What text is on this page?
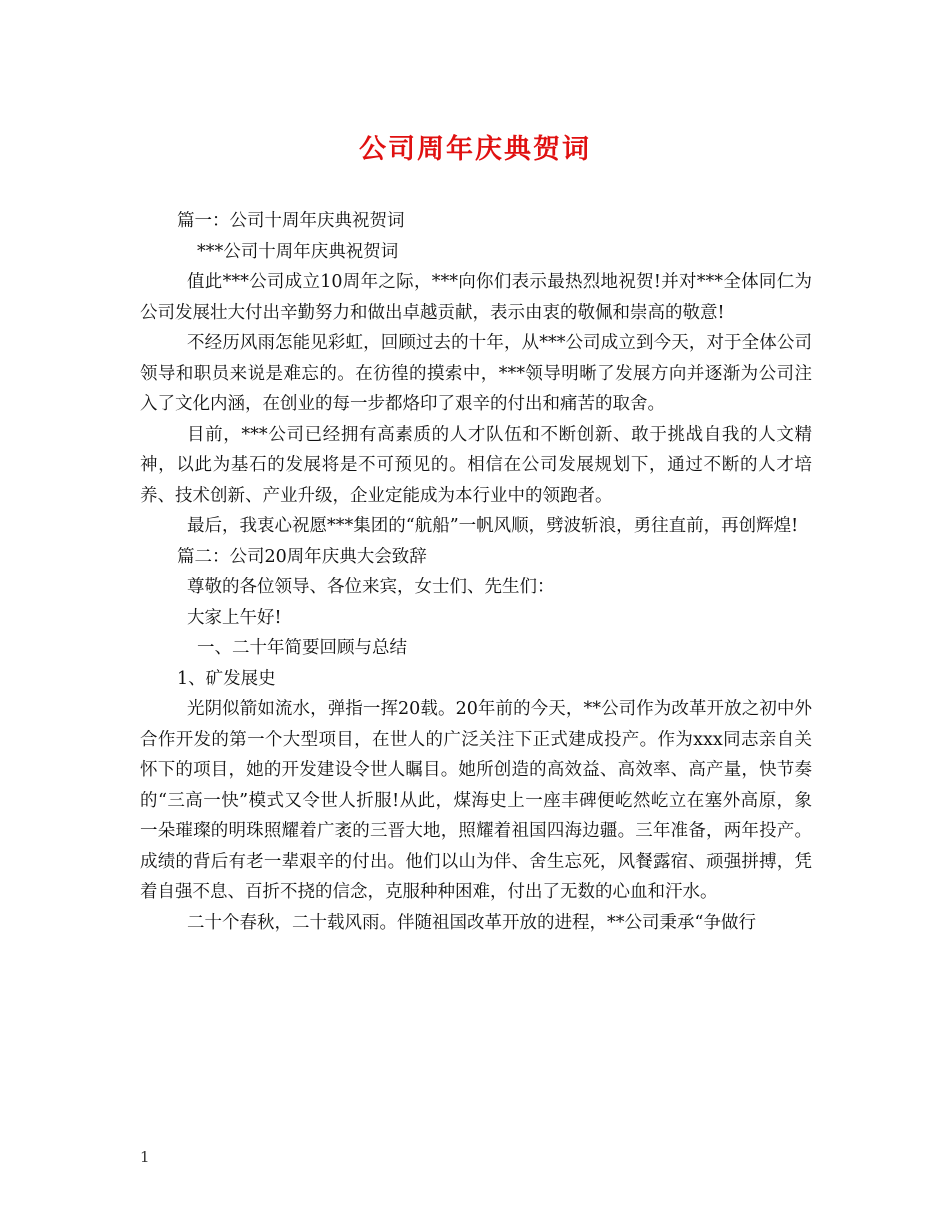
公司周年庆典贺词

篇一：公司十周年庆典祝贺词

***公司十周年庆典祝贺词

值此***公司成立10周年之际，***向你们表示最热烈地祝贺!并对***全体同仁为公司发展壮大付出辛勤努力和做出卓越贡献，表示由衷的敬佩和崇高的敬意!

不经历风雨怎能见彩虹，回顾过去的十年，从***公司成立到今天，对于全体公司领导和职员来说是难忘的。在彷徨的摸索中，***领导明晰了发展方向并逐渐为公司注入了文化内涵，在创业的每一步都烙印了艰辛的付出和痛苦的取舍。

目前，***公司已经拥有高素质的人才队伍和不断创新、敢于挑战自我的人文精神，以此为基石的发展将是不可预见的。相信在公司发展规划下，通过不断的人才培养、技术创新、产业升级，企业定能成为本行业中的领跑者。

最后，我衷心祝愿***集团的“航船”一帆风顺，劈波斩浪，勇往直前，再创辉煌!

篇二：公司20周年庆典大会致辞

尊敬的各位领导、各位来宾，女士们、先生们：

大家上午好!

一、二十年简要回顾与总结

1、矿发展史

光阴似箭如流水，弹指一挥20载。20年前的今天，**公司作为改革开放之初中外合作开发的第一个大型项目，在世人的广泛关注下正式建成投产。作为xxx同志亲自关怀下的项目，她的开发建设令世人瞩目。她所创造的高效益、高效率、高产量，快节奏的“三高一快”模式又令世人折服!从此，煤海史上一座丰碑便屹然屹立在塞外高原，象一朵璀璨的明珠照耀着广袤的三晋大地，照耀着祖国四海边疆。三年准备，两年投产。成绩的背后有老一辈艰辛的付出。他们以山为伴、舍生忘死，风餐露宿、顽强拼搏，凭着自强不息、百折不挠的信念，克服种种困难，付出了无数的心血和汗水。

二十个春秋，二十载风雨。伴随祖国改革开放的进程，**公司秉承“争做行

1
